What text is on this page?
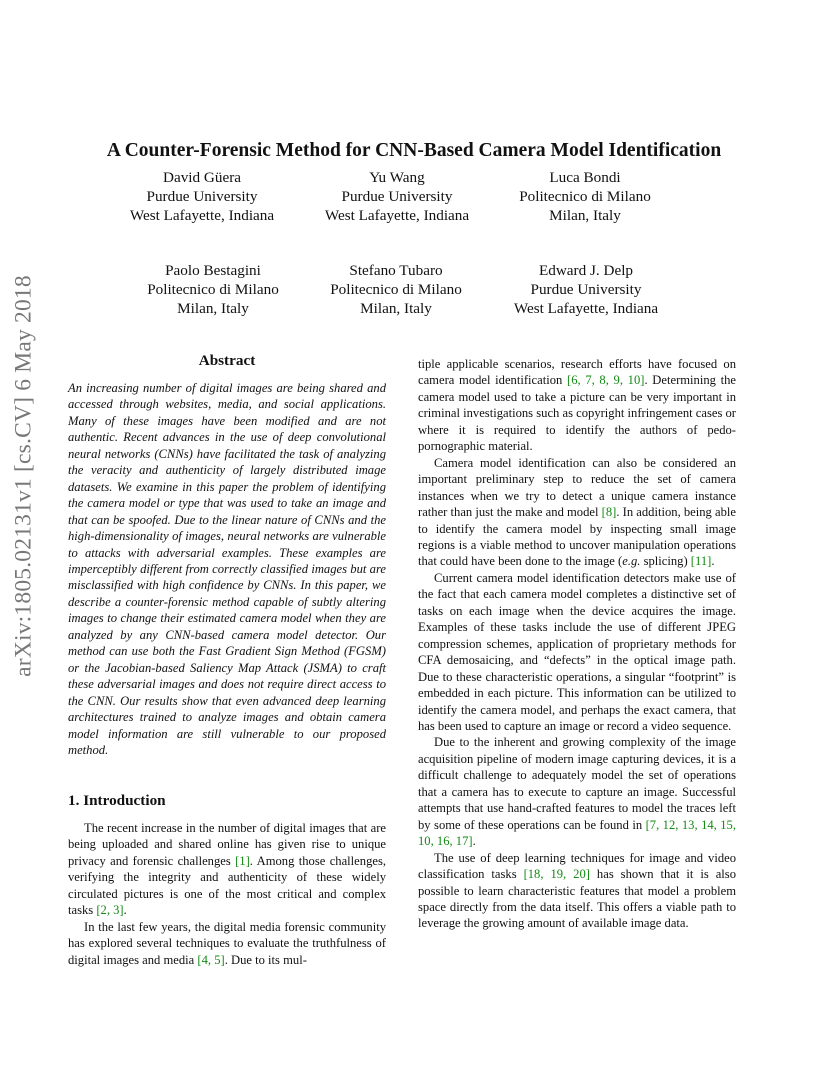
arXiv:1805.02131v1 [cs.CV] 6 May 2018
A Counter-Forensic Method for CNN-Based Camera Model Identification
David Güera
Purdue University
West Lafayette, Indiana
Yu Wang
Purdue University
West Lafayette, Indiana
Luca Bondi
Politecnico di Milano
Milan, Italy
Paolo Bestagini
Politecnico di Milano
Milan, Italy
Stefano Tubaro
Politecnico di Milano
Milan, Italy
Edward J. Delp
Purdue University
West Lafayette, Indiana
Abstract

An increasing number of digital images are being shared and accessed through websites, media, and social applications. Many of these images have been modified and are not authentic. Recent advances in the use of deep convolutional neural networks (CNNs) have facilitated the task of analyzing the veracity and authenticity of largely distributed image datasets. We examine in this paper the problem of identifying the camera model or type that was used to take an image and that can be spoofed. Due to the linear nature of CNNs and the high-dimensionality of images, neural networks are vulnerable to attacks with adversarial examples. These examples are imperceptibly different from correctly classified images but are misclassified with high confidence by CNNs. In this paper, we describe a counter-forensic method capable of subtly altering images to change their estimated camera model when they are analyzed by any CNN-based camera model detector. Our method can use both the Fast Gradient Sign Method (FGSM) or the Jacobian-based Saliency Map Attack (JSMA) to craft these adversarial images and does not require direct access to the CNN. Our results show that even advanced deep learning architectures trained to analyze images and obtain camera model information are still vulnerable to our proposed method.

1. Introduction

The recent increase in the number of digital images that are being uploaded and shared online has given rise to unique privacy and forensic challenges [1]. Among those challenges, verifying the integrity and authenticity of these widely circulated pictures is one of the most critical and complex tasks [2, 3].

In the last few years, the digital media forensic community has explored several techniques to evaluate the truthfulness of digital images and media [4, 5]. Due to its mul-

tiple applicable scenarios, research efforts have focused on camera model identification [6, 7, 8, 9, 10]. Determining the camera model used to take a picture can be very important in criminal investigations such as copyright infringement cases or where it is required to identify the authors of pedo-pornographic material.

Camera model identification can also be considered an important preliminary step to reduce the set of camera instances when we try to detect a unique camera instance rather than just the make and model [8]. In addition, being able to identify the camera model by inspecting small image regions is a viable method to uncover manipulation operations that could have been done to the image (e.g. splicing) [11].

Current camera model identification detectors make use of the fact that each camera model completes a distinctive set of tasks on each image when the device acquires the image. Examples of these tasks include the use of different JPEG compression schemes, application of proprietary methods for CFA demosaicing, and “defects” in the optical image path. Due to these characteristic operations, a singular “footprint” is embedded in each picture. This information can be utilized to identify the camera model, and perhaps the exact camera, that has been used to capture an image or record a video sequence.

Due to the inherent and growing complexity of the image acquisition pipeline of modern image capturing devices, it is a difficult challenge to adequately model the set of operations that a camera has to execute to capture an image. Successful attempts that use hand-crafted features to model the traces left by some of these operations can be found in [7, 12, 13, 14, 15, 10, 16, 17].

The use of deep learning techniques for image and video classification tasks [18, 19, 20] has shown that it is also possible to learn characteristic features that model a problem space directly from the data itself. This offers a viable path to leverage the growing amount of available image data.
